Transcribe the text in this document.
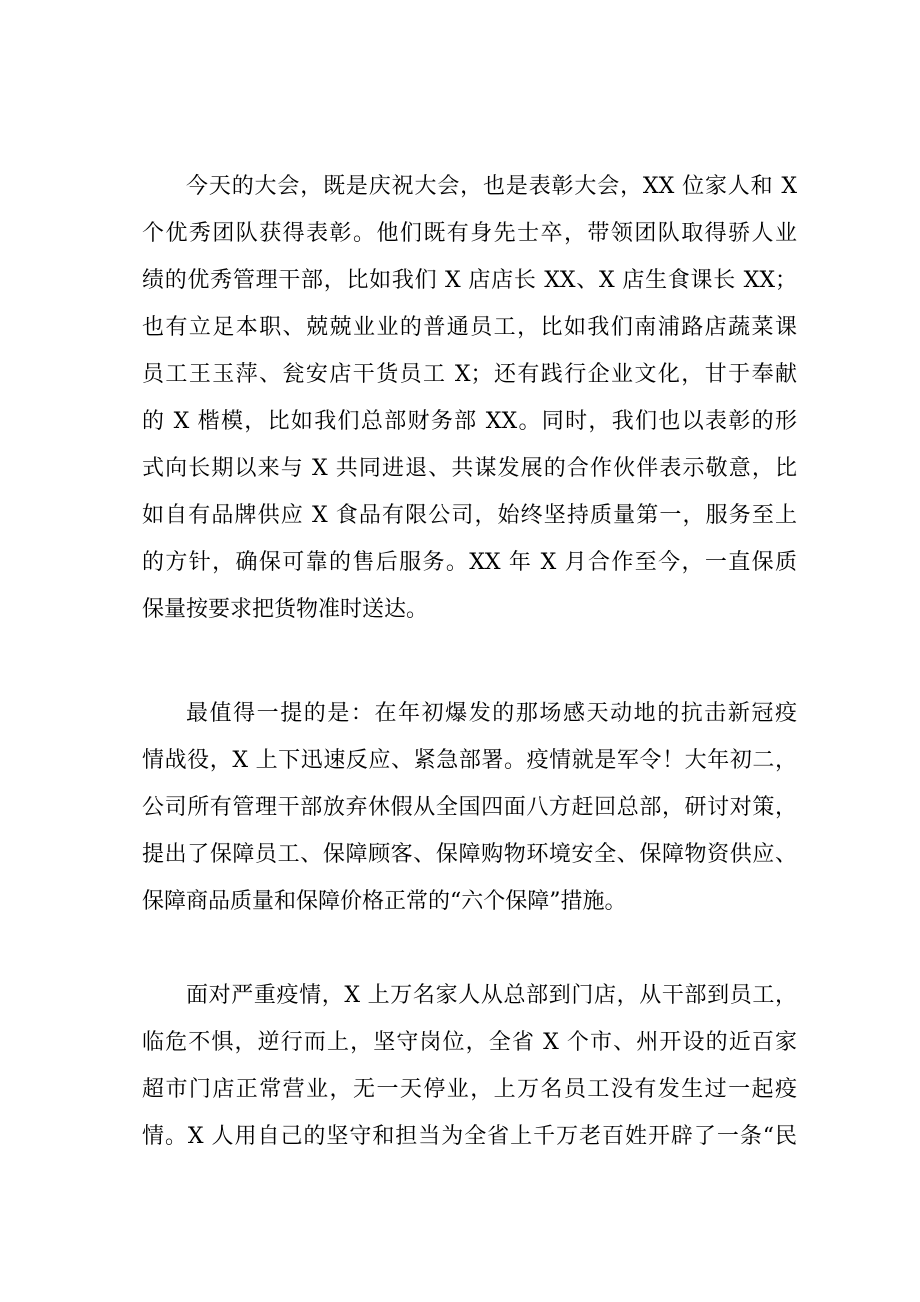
今天的大会，既是庆祝大会，也是表彰大会，XX 位家人和 X
个优秀团队获得表彰。他们既有身先士卒，带领团队取得骄人业
绩的优秀管理干部，比如我们 X 店店长 XX、X 店生食课长 XX；
也有立足本职、兢兢业业的普通员工，比如我们南浦路店蔬菜课
员工王玉萍、瓮安店干货员工 X；还有践行企业文化，甘于奉献
的 X 楷模，比如我们总部财务部 XX。同时，我们也以表彰的形
式向长期以来与 X 共同进退、共谋发展的合作伙伴表示敬意，比
如自有品牌供应 X 食品有限公司，始终坚持质量第一，服务至上
的方针，确保可靠的售后服务。XX 年 X 月合作至今，一直保质
保量按要求把货物准时送达。

最值得一提的是：在年初爆发的那场感天动地的抗击新冠疫
情战役，X 上下迅速反应、紧急部署。疫情就是军令！大年初二，
公司所有管理干部放弃休假从全国四面八方赶回总部，研讨对策，
提出了保障员工、保障顾客、保障购物环境安全、保障物资供应、
保障商品质量和保障价格正常的“六个保障”措施。

面对严重疫情，X 上万名家人从总部到门店，从干部到员工，
临危不惧，逆行而上，坚守岗位，全省 X 个市、州开设的近百家
超市门店正常营业，无一天停业，上万名员工没有发生过一起疫
情。X 人用自己的坚守和担当为全省上千万老百姓开辟了一条“民
